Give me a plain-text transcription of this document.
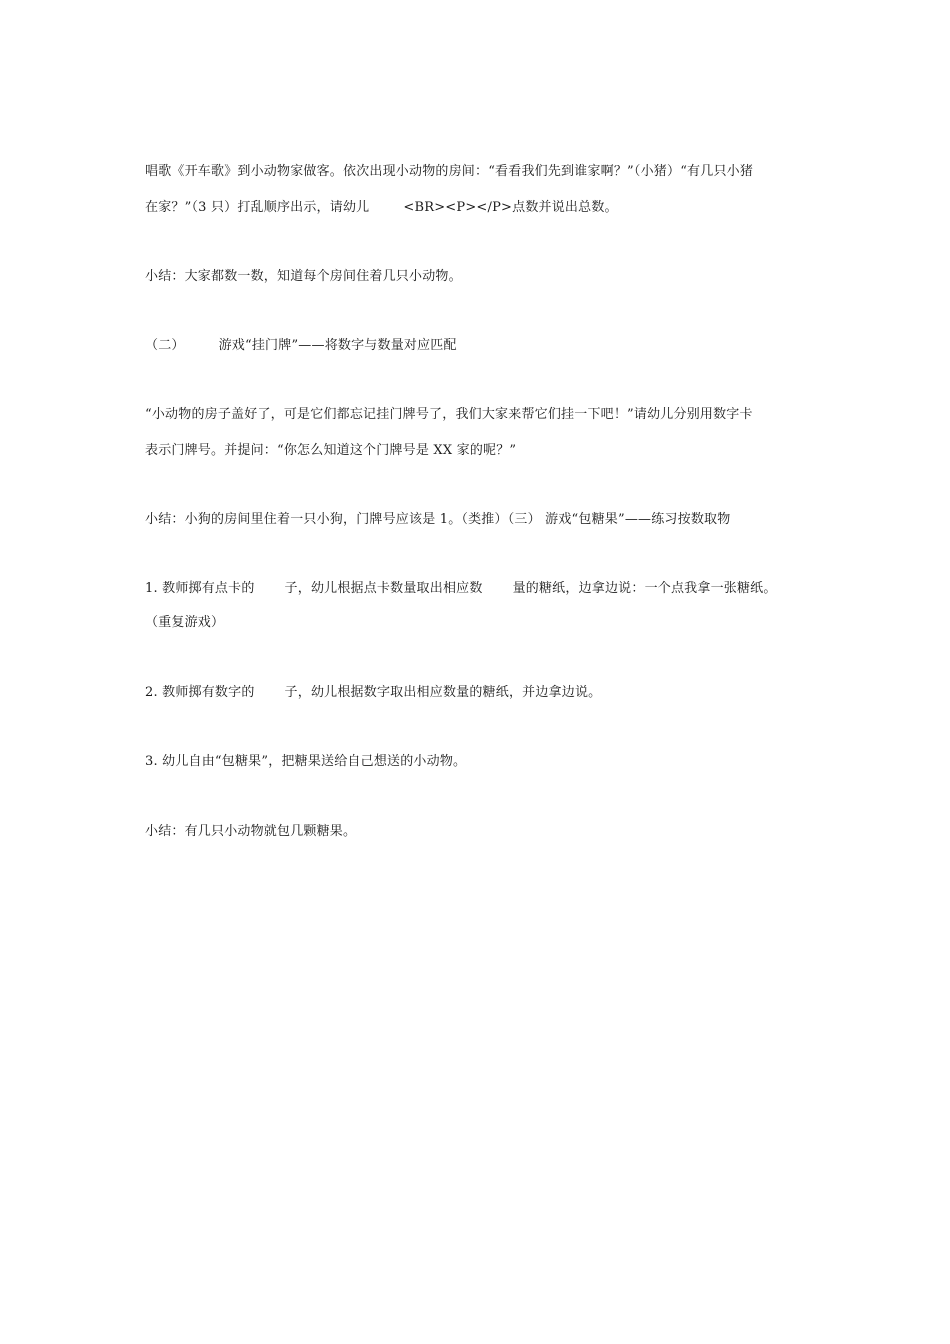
唱歌《开车歌》到小动物家做客。依次出现小动物的房间：“看看我们先到谁家啊？”（小猪）“有几只小猪

在家？”（3 只）打乱顺序出示，请幼儿	<BR><P></P>点数并说出总数。

小结：大家都数一数，知道每个房间住着几只小动物。

（二）	游戏“挂门牌”——将数字与数量对应匹配

“小动物的房子盖好了，可是它们都忘记挂门牌号了，我们大家来帮它们挂一下吧！”请幼儿分别用数字卡

表示门牌号。并提问：“你怎么知道这个门牌号是 XX 家的呢？”

小结：小狗的房间里住着一只小狗，门牌号应该是 1。（类推）（三） 游戏“包糖果”——练习按数取物

1. 教师掷有点卡的 子，幼儿根据点卡数量取出相应数 量的糖纸，边拿边说：一个点我拿一张糖纸。

（重复游戏）

2. 教师掷有数字的 子，幼儿根据数字取出相应数量的糖纸，并边拿边说。

3. 幼儿自由“包糖果”，把糖果送给自己想送的小动物。

小结：有几只小动物就包几颗糖果。
